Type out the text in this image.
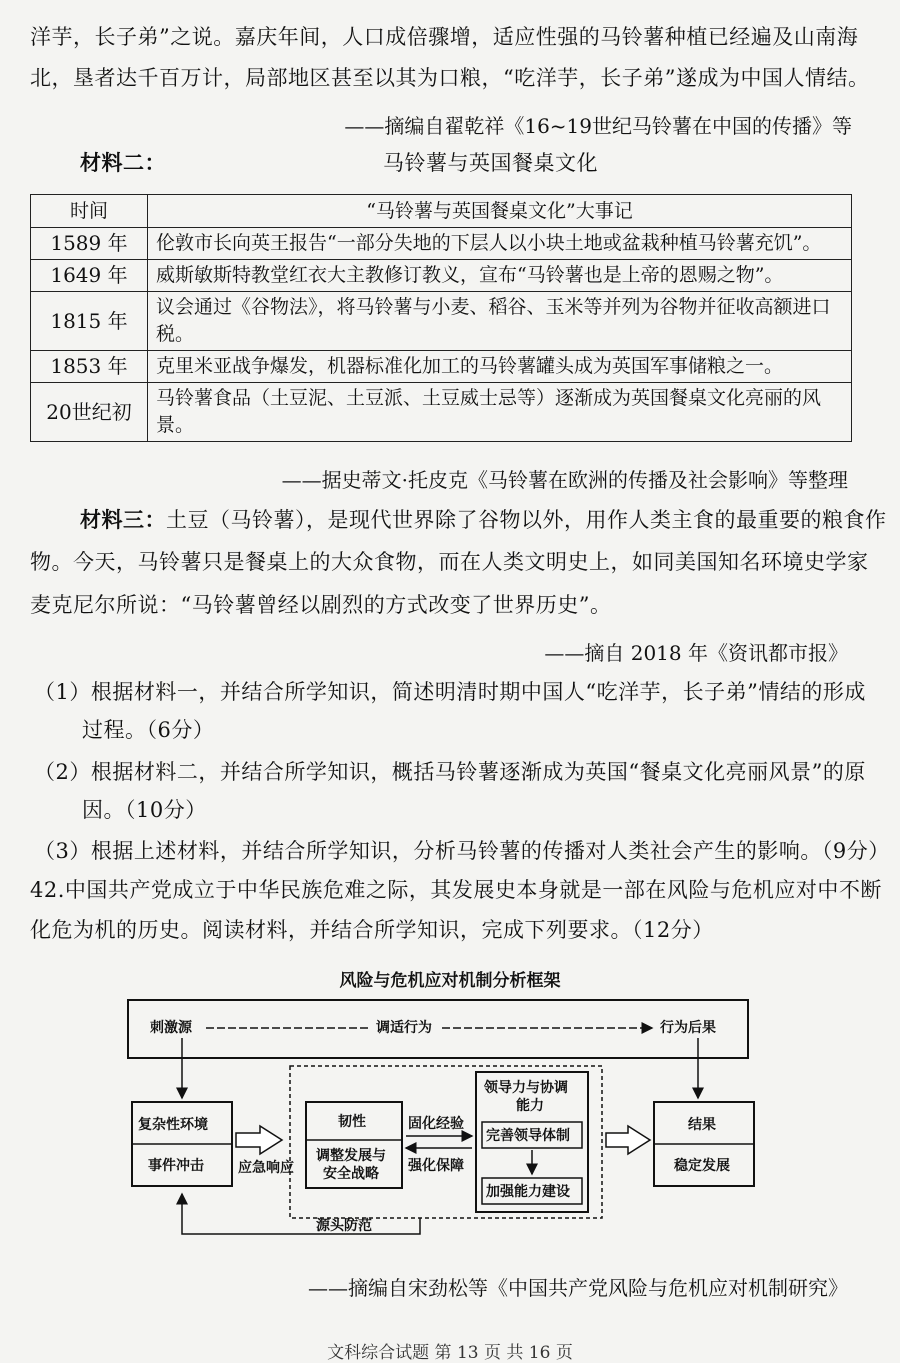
洋芋，长子弟”之说。嘉庆年间，人口成倍骤增，适应性强的马铃薯种植已经遍及山南海
北，垦者达千百万计，局部地区甚至以其为口粮，“吃洋芋，长子弟”遂成为中国人情结。
——摘编自翟乾祥《16~19世纪马铃薯在中国的传播》等
材料二：	马铃薯与英国餐桌文化
时间	“马铃薯与英国餐桌文化”大事记
1589 年	伦敦市长向英王报告“一部分失地的下层人以小块土地或盆栽种植马铃薯充饥”。
1649 年	威斯敏斯特教堂红衣大主教修订教义，宣布“马铃薯也是上帝的恩赐之物”。
1815 年	议会通过《谷物法》，将马铃薯与小麦、稻谷、玉米等并列为谷物并征收高额进口税。
1853 年	克里米亚战争爆发，机器标准化加工的马铃薯罐头成为英国军事储粮之一。
20世纪初	马铃薯食品（土豆泥、土豆派、土豆威士忌等）逐渐成为英国餐桌文化亮丽的风景。
——据史蒂文·托皮克《马铃薯在欧洲的传播及社会影响》等整理
材料三：土豆（马铃薯），是现代世界除了谷物以外，用作人类主食的最重要的粮食作
物。今天，马铃薯只是餐桌上的大众食物，而在人类文明史上，如同美国知名环境史学家
麦克尼尔所说：“马铃薯曾经以剧烈的方式改变了世界历史”。
——摘自 2018 年《资讯都市报》
（1）根据材料一，并结合所学知识，简述明清时期中国人“吃洋芋，长子弟”情结的形成
过程。（6分）
（2）根据材料二，并结合所学知识，概括马铃薯逐渐成为英国“餐桌文化亮丽风景”的原
因。（10分）
（3）根据上述材料，并结合所学知识，分析马铃薯的传播对人类社会产生的影响。（9分）
42.中国共产党成立于中华民族危难之际，其发展史本身就是一部在风险与危机应对中不断
化危为机的历史。阅读材料，并结合所学知识，完成下列要求。（12分）
风险与危机应对机制分析框架
刺激源	调适行为	行为后果
复杂性环境
事件冲击 应急响应
韧性
调整发展与
安全战略
固化经验
强化保障
领导力与协调
能力
完善领导体制
加强能力建设
结果
稳定发展
源头防范
——摘编自宋劲松等《中国共产党风险与危机应对机制研究》
文科综合试题 第 13 页 共 16 页
